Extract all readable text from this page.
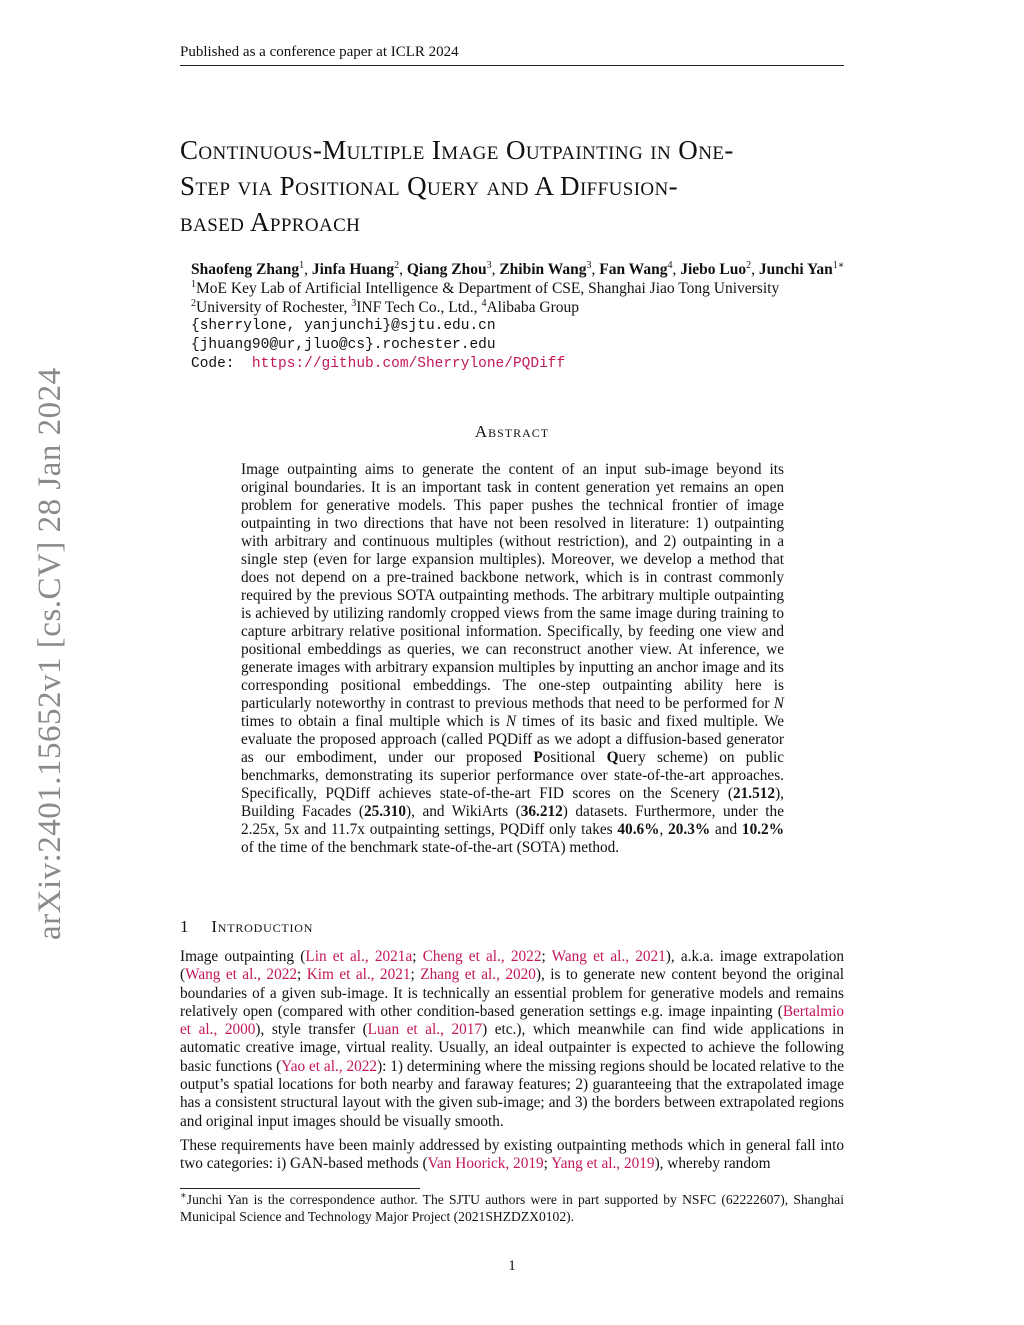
Published as a conference paper at ICLR 2024
Continuous-Multiple Image Outpainting in One-
Step via Positional Query and A Diffusion-
based Approach
Shaofeng Zhang$^1$, Jinfa Huang$^2$, Qiang Zhou$^3$, Zhibin Wang$^3$, Fan Wang$^4$, Jiebo Luo$^2$, Junchi Yan$^{1∗}$
$^1$MoE Key Lab of Artificial Intelligence & Department of CSE, Shanghai Jiao Tong University
$^2$University of Rochester, $^3$INF Tech Co., Ltd., $^4$Alibaba Group
{sherrylone, yanjunchi}@sjtu.edu.cn
{jhuang90@ur,jluo@cs}.rochester.edu
Code: https://github.com/Sherrylone/PQDiff
arXiv:2401.15652v1 [cs.CV] 28 Jan 2024	Abstract
Image outpainting aims to generate the content of an input sub-image beyond its original boundaries. It is an important task in content generation yet remains an open problem for generative models. This paper pushes the technical frontier of image outpainting in two directions that have not been resolved in literature: 1) outpainting with arbitrary and continuous multiples (without restriction), and 2) outpainting in a single step (even for large expansion multiples). Moreover, we develop a method that does not depend on a pre-trained backbone network, which is in contrast commonly required by the previous SOTA outpainting methods. The arbitrary multiple outpainting is achieved by utilizing randomly cropped views from the same image during training to capture arbitrary relative positional information. Specifically, by feeding one view and positional embeddings as queries, we can reconstruct another view. At inference, we generate images with arbitrary expansion multiples by inputting an anchor image and its corresponding positional embeddings. The one-step outpainting ability here is particularly noteworthy in contrast to previous methods that need to be performed for N times to obtain a final multiple which is N times of its basic and fixed multiple. We evaluate the proposed approach (called PQDiff as we adopt a diffusion-based generator as our embodiment, under our proposed Positional Query scheme) on public benchmarks, demonstrating its superior performance over state-of-the-art approaches. Specifically, PQDiff achieves state-of-the-art FID scores on the Scenery (21.512), Building Facades (25.310), and WikiArts (36.212) datasets. Furthermore, under the 2.25x, 5x and 11.7x outpainting settings, PQDiff only takes 40.6%, 20.3% and 10.2% of the time of the benchmark state-of-the-art (SOTA) method.
1 Introduction

Image outpainting (Lin et al., 2021a; Cheng et al., 2022; Wang et al., 2021), a.k.a. image extrapolation (Wang et al., 2022; Kim et al., 2021; Zhang et al., 2020), is to generate new content beyond the original boundaries of a given sub-image. It is technically an essential problem for generative models and remains relatively open (compared with other condition-based generation settings e.g. image inpainting (Bertalmio et al., 2000), style transfer (Luan et al., 2017) etc.), which meanwhile can find wide applications in automatic creative image, virtual reality. Usually, an ideal outpainter is expected to achieve the following basic functions (Yao et al., 2022): 1) determining where the missing regions should be located relative to the output’s spatial locations for both nearby and faraway features; 2) guaranteeing that the extrapolated image has a consistent structural layout with the given sub-image; and 3) the borders between extrapolated regions and original input images should be visually smooth.

These requirements have been mainly addressed by existing outpainting methods which in general fall into two categories: i) GAN-based methods (Van Hoorick, 2019; Yang et al., 2019), whereby random

∗Junchi Yan is the correspondence author. The SJTU authors were in part supported by NSFC (62222607), Shanghai Municipal Science and Technology Major Project (2021SHZDZX0102).
1
